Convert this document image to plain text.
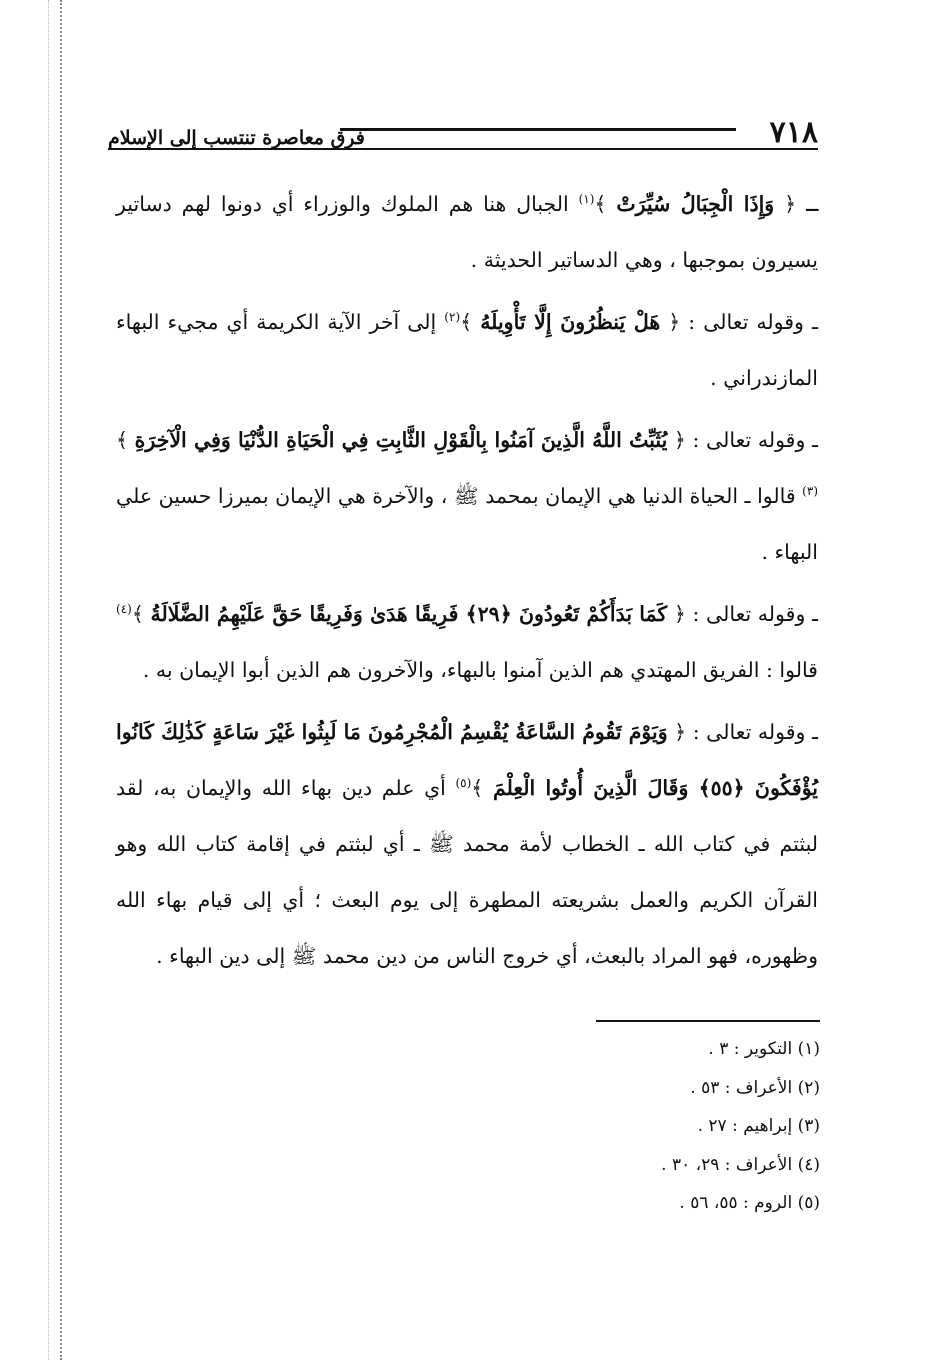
٧١٨
فرق معاصرة تنتسب إلى الإسلام

ـ ﴿ وَإِذَا الْجِبَالُ سُيِّرَتْ ﴾$^{(١)}$ الجبال هنا هم الملوك والوزراء أي دونوا لهم دساتير يسيرون بموجبها ، وهي الدساتير الحديثة .

ـ وقوله تعالى : ﴿ هَلْ يَنظُرُونَ إِلَّا تَأْوِيلَهُ ﴾$^{(٢)}$ إلى آخر الآية الكريمة أي مجيء البهاء المازندراني .

ـ وقوله تعالى : ﴿ يُثَبِّتُ اللَّهُ الَّذِينَ آمَنُوا بِالْقَوْلِ الثَّابِتِ فِي الْحَيَاةِ الدُّنْيَا وَفِي الْآخِرَةِ ﴾$^{(٣)}$ قالوا ـ الحياة الدنيا هي الإيمان بمحمد ﷺ ، والآخرة هي الإيمان بميرزا حسين علي البهاء .

ـ وقوله تعالى : ﴿ كَمَا بَدَأَكُمْ تَعُودُونَ ﴿٢٩﴾ فَرِيقًا هَدَىٰ وَفَرِيقًا حَقَّ عَلَيْهِمُ الضَّلَالَةُ ﴾$^{(٤)}$ قالوا : الفريق المهتدي هم الذين آمنوا بالبهاء، والآخرون هم الذين أبوا الإيمان به .

ـ وقوله تعالى : ﴿ وَيَوْمَ تَقُومُ السَّاعَةُ يُقْسِمُ الْمُجْرِمُونَ مَا لَبِثُوا غَيْرَ سَاعَةٍ كَذَٰلِكَ كَانُوا يُؤْفَكُونَ ﴿٥٥﴾ وَقَالَ الَّذِينَ أُوتُوا الْعِلْمَ ﴾$^{(٥)}$ أي علم دين بهاء الله والإيمان به، لقد لبثتم في كتاب الله ـ الخطاب لأمة محمد ﷺ ـ أي لبثتم في إقامة كتاب الله وهو القرآن الكريم والعمل بشريعته المطهرة إلى يوم البعث ؛ أي إلى قيام بهاء الله وظهوره، فهو المراد بالبعث، أي خروج الناس من دين محمد ﷺ إلى دين البهاء .

(١) التكوير : ٣ .
(٢) الأعراف : ٥٣ .
(٣) إبراهيم : ٢٧ .
(٤) الأعراف : ٢٩، ٣٠ .
(٥) الروم : ٥٥، ٥٦ .
